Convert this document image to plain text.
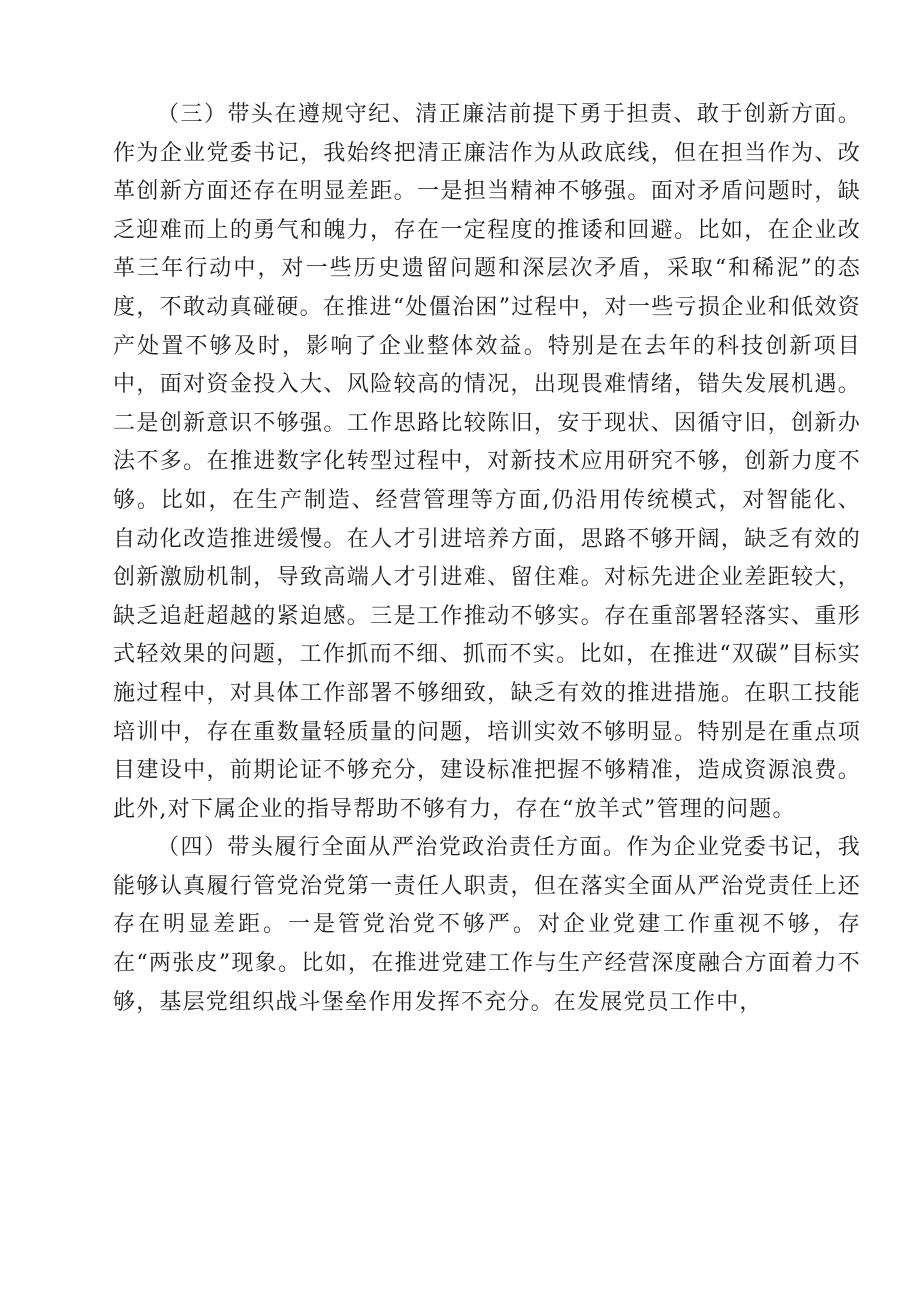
（三）带头在遵规守纪、清正廉洁前提下勇于担责、敢于创新方面。作为企业党委书记，我始终把清正廉洁作为从政底线，但在担当作为、改革创新方面还存在明显差距。一是担当精神不够强。面对矛盾问题时，缺乏迎难而上的勇气和魄力，存在一定程度的推诿和回避。比如，在企业改革三年行动中，对一些历史遗留问题和深层次矛盾，采取“和稀泥”的态度，不敢动真碰硬。在推进“处僵治困”过程中，对一些亏损企业和低效资产处置不够及时，影响了企业整体效益。特别是在去年的科技创新项目中，面对资金投入大、风险较高的情况，出现畏难情绪，错失发展机遇。二是创新意识不够强。工作思路比较陈旧，安于现状、因循守旧，创新办法不多。在推进数字化转型过程中，对新技术应用研究不够，创新力度不够。比如，在生产制造、经营管理等方面,仍沿用传统模式，对智能化、自动化改造推进缓慢。在人才引进培养方面，思路不够开阔，缺乏有效的创新激励机制，导致高端人才引进难、留住难。对标先进企业差距较大，缺乏追赶超越的紧迫感。三是工作推动不够实。存在重部署轻落实、重形式轻效果的问题，工作抓而不细、抓而不实。比如，在推进“双碳”目标实施过程中，对具体工作部署不够细致，缺乏有效的推进措施。在职工技能培训中，存在重数量轻质量的问题，培训实效不够明显。特别是在重点项目建设中，前期论证不够充分，建设标准把握不够精准，造成资源浪费。此外,对下属企业的指导帮助不够有力，存在“放羊式”管理的问题。

（四）带头履行全面从严治党政治责任方面。作为企业党委书记，我能够认真履行管党治党第一责任人职责，但在落实全面从严治党责任上还存在明显差距。一是管党治党不够严。对企业党建工作重视不够，存在“两张皮”现象。比如，在推进党建工作与生产经营深度融合方面着力不够，基层党组织战斗堡垒作用发挥不充分。在发展党员工作中，
